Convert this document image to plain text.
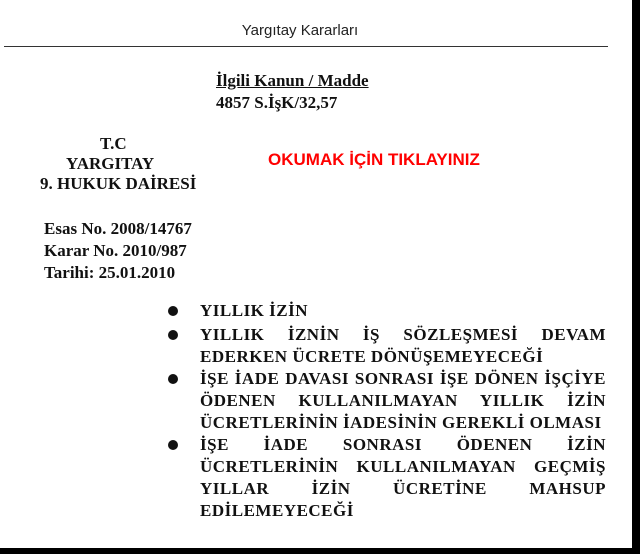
Yargıtay Kararları
İlgili Kanun / Madde
4857 S.İşK/32,57
T.C
YARGITAY
9. HUKUK DAİRESİ
OKUMAK İÇİN TIKLAYINIZ
Esas No. 2008/14767
Karar No. 2010/987
Tarihi: 25.01.2010
YILLIK İZİN
YILLIK İZNİN İŞ SÖZLEŞMESİ DEVAM EDERKEN ÜCRETE DÖNÜŞEMEYECEĞİ
İŞE İADE DAVASI SONRASI İŞE DÖNEN İŞÇİYE ÖDENEN KULLANILMAYAN YILLIK İZİN ÜCRETLERİNİN İADESİNİN GEREKLİ OLMASI
İŞE İADE SONRASI ÖDENEN İZİN ÜCRETLERİNİN KULLANILMAYAN GEÇMİŞ YILLAR İZİN ÜCRETİNE MAHSUP EDİLEMEYECEĞİ
